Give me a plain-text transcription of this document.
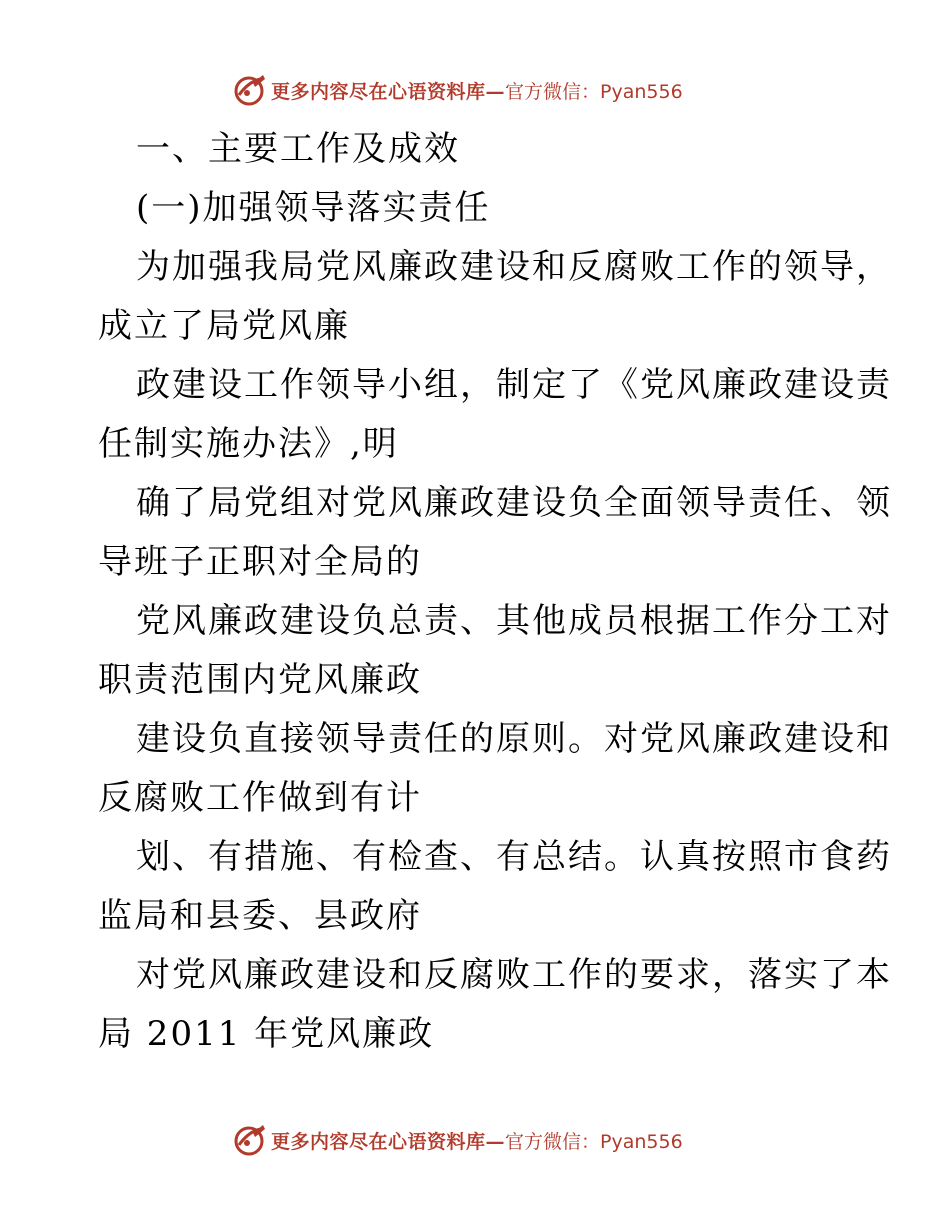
更多内容尽在心语资料库— 官方微信：Pyan556
一、主要工作及成效
(一)加强领导落实责任
为加强我局党风廉政建设和反腐败工作的领导，
成立了局党风廉
政建设工作领导小组，制定了《党风廉政建设责
任制实施办法》,明
确了局党组对党风廉政建设负全面领导责任、领
导班子正职对全局的
党风廉政建设负总责、其他成员根据工作分工对
职责范围内党风廉政
建设负直接领导责任的原则。对党风廉政建设和
反腐败工作做到有计
划、有措施、有检查、有总结。认真按照市食药
监局和县委、县政府
对党风廉政建设和反腐败工作的要求，落实了本
局 2011 年党风廉政
更多内容尽在心语资料库— 官方微信：Pyan556
